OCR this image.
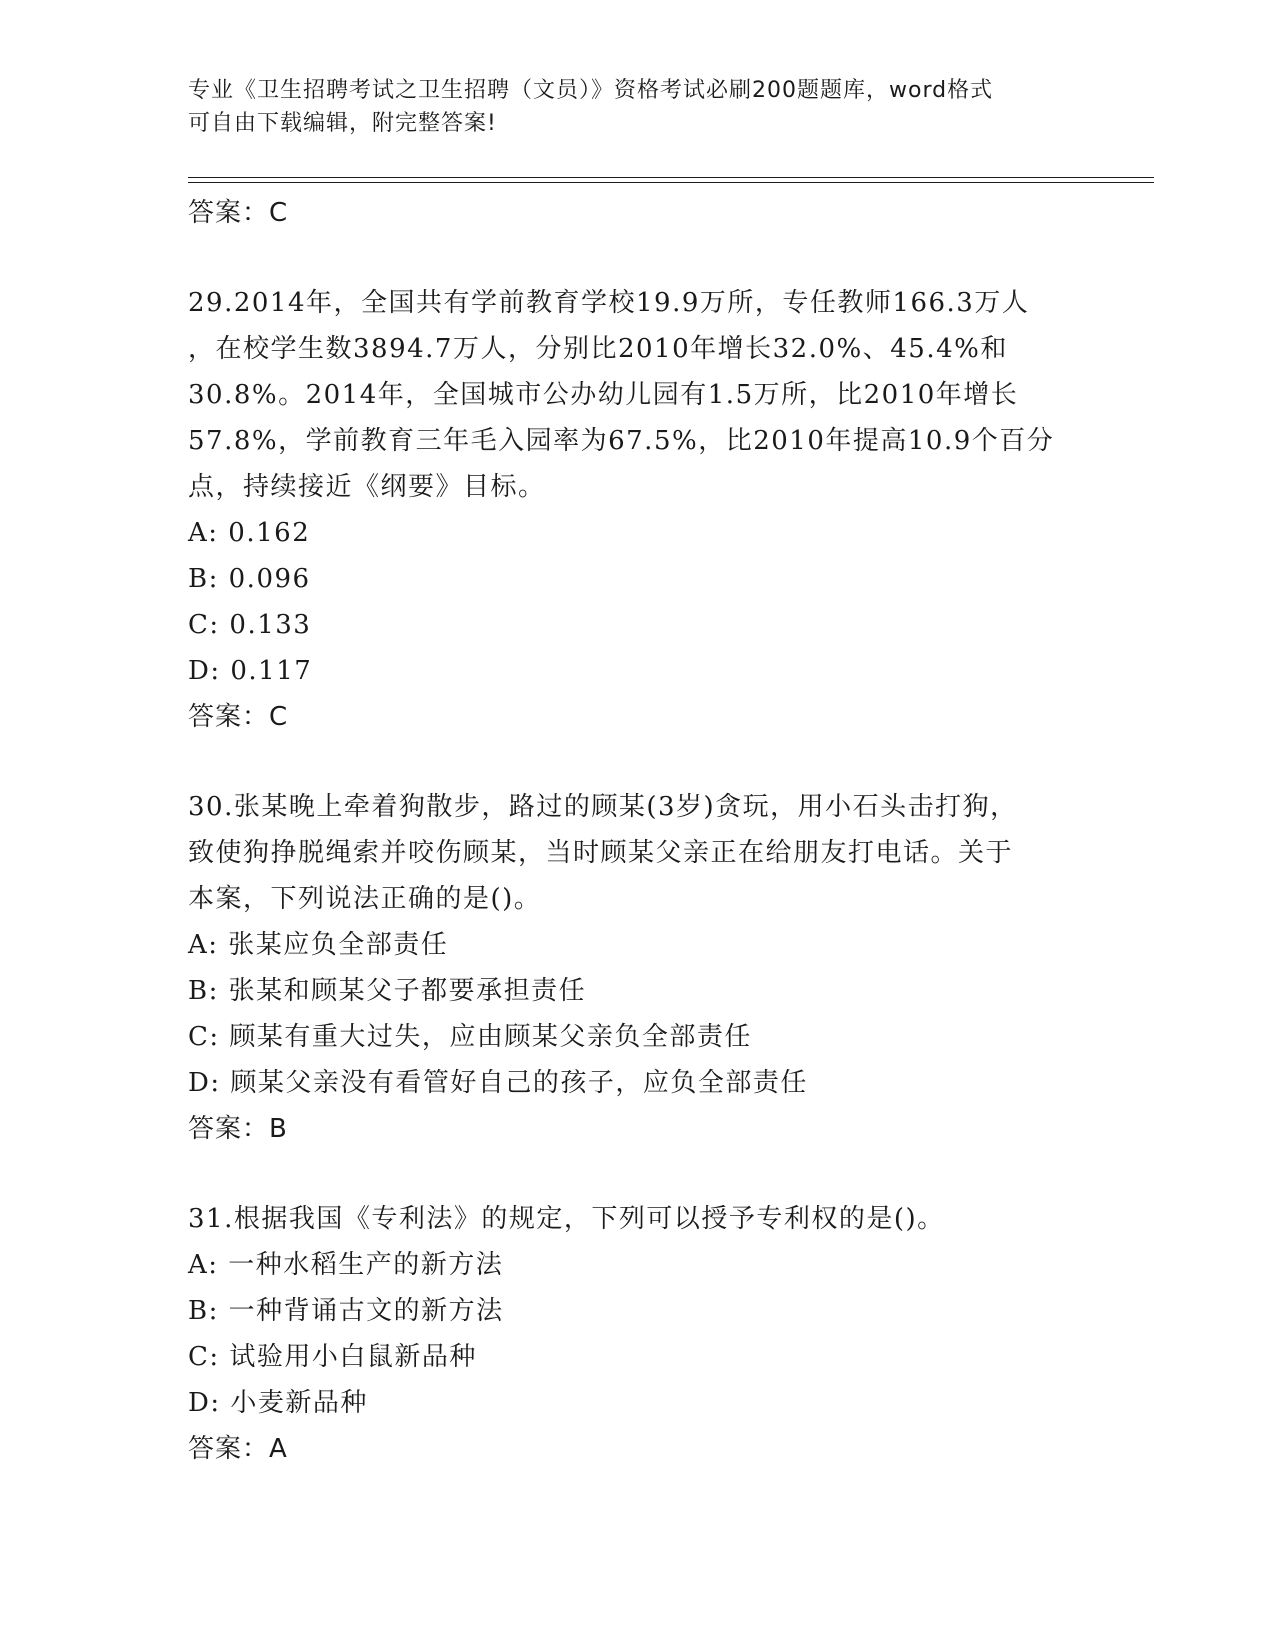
专业《卫生招聘考试之卫生招聘（文员）》资格考试必刷200题题库，word格式
可自由下载编辑，附完整答案!
答案：C
29.2014年，全国共有学前教育学校19.9万所，专任教师166.3万人
，在校学生数3894.7万人，分别比2010年增长32.0%、45.4%和
30.8%。2014年，全国城市公办幼儿园有1.5万所，比2010年增长
57.8%，学前教育三年毛入园率为67.5%，比2010年提高10.9个百分
点，持续接近《纲要》目标。
A: 0.162
B: 0.096
C: 0.133
D: 0.117
答案：C
30.张某晚上牵着狗散步，路过的顾某(3岁)贪玩，用小石头击打狗，
致使狗挣脱绳索并咬伤顾某，当时顾某父亲正在给朋友打电话。关于
本案，下列说法正确的是()。
A: 张某应负全部责任
B: 张某和顾某父子都要承担责任
C: 顾某有重大过失，应由顾某父亲负全部责任
D: 顾某父亲没有看管好自己的孩子，应负全部责任
答案：B
31.根据我国《专利法》的规定，下列可以授予专利权的是()。
A: 一种水稻生产的新方法
B: 一种背诵古文的新方法
C: 试验用小白鼠新品种
D: 小麦新品种
答案：A
